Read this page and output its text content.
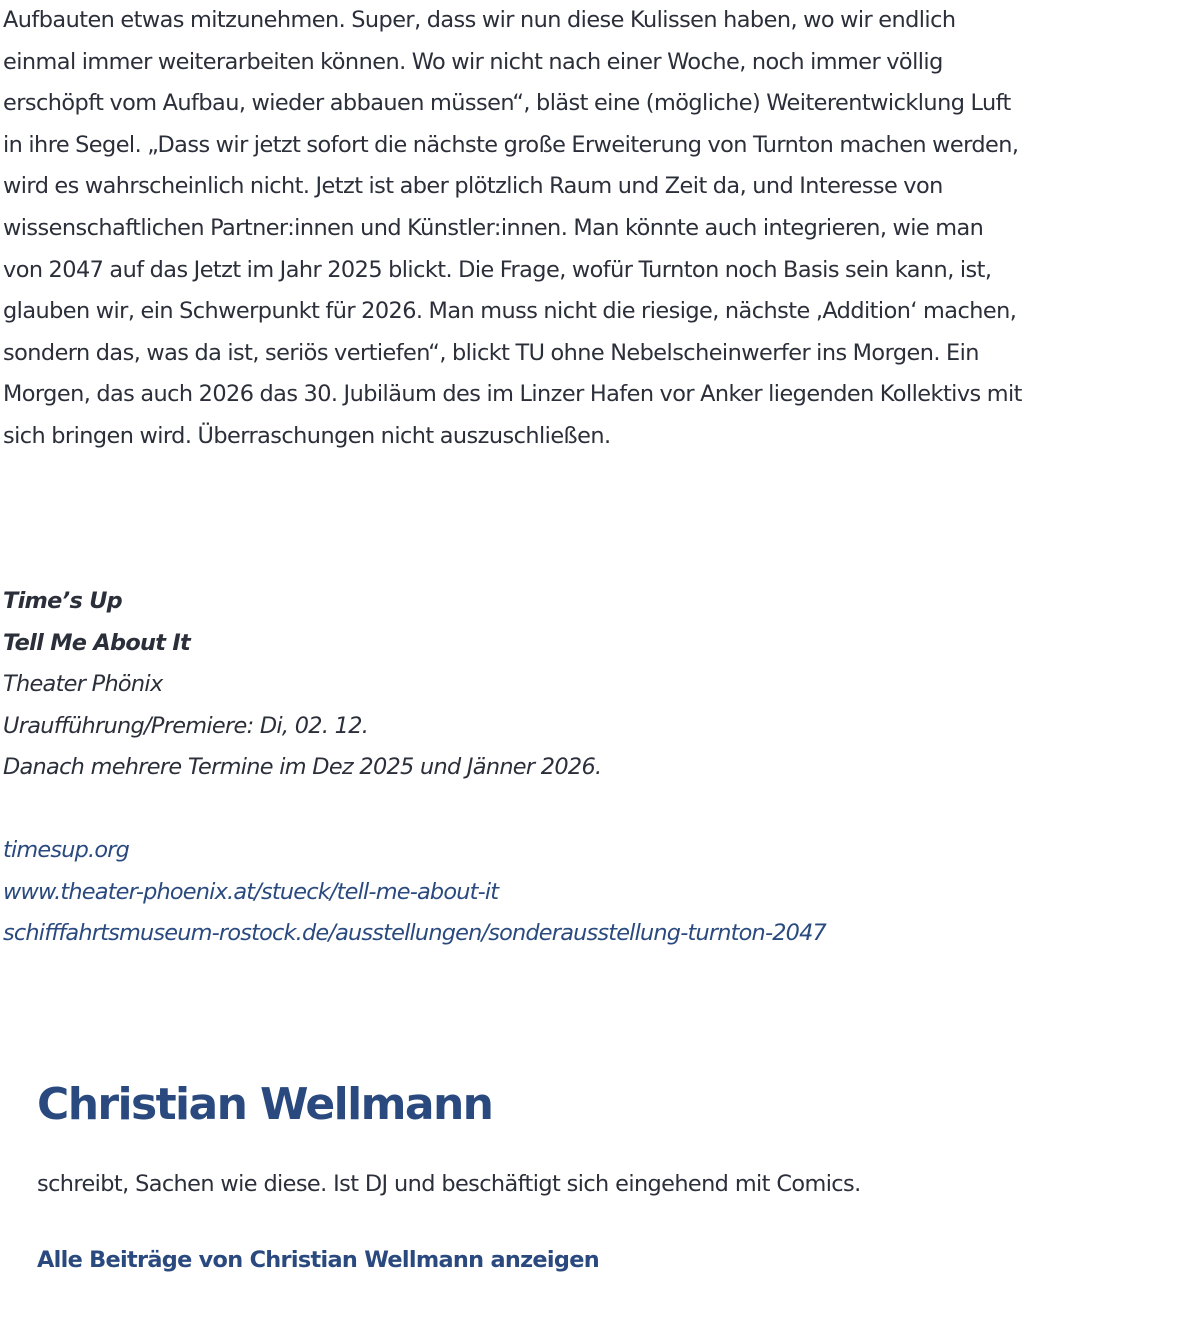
Aufbauten etwas mitzunehmen. Super, dass wir nun diese Kulissen haben, wo wir endlich
einmal immer weiterarbeiten können. Wo wir nicht nach einer Woche, noch immer völlig
erschöpft vom Aufbau, wieder abbauen müssen“, bläst eine (mögliche) Weiterentwicklung Luft
in ihre Segel. „Dass wir jetzt sofort die nächste große Erweiterung von Turnton machen werden,
wird es wahrscheinlich nicht. Jetzt ist aber plötzlich Raum und Zeit da, und Interesse von
wissenschaftlichen Partner:innen und Künstler:innen. Man könnte auch integrieren, wie man
von 2047 auf das Jetzt im Jahr 2025 blickt. Die Frage, wofür Turnton noch Basis sein kann, ist,
glauben wir, ein Schwerpunkt für 2026. Man muss nicht die riesige, nächste ‚Addition‘ machen,
sondern das, was da ist, seriös vertiefen“, blickt TU ohne Nebelscheinwerfer ins Morgen. Ein
Morgen, das auch 2026 das 30. Jubiläum des im Linzer Hafen vor Anker liegenden Kollektivs mit
sich bringen wird. Überraschungen nicht auszuschließen.

Time’s Up
Tell Me About It
Theater Phönix
Uraufführung/Premiere: Di, 02. 12.
Danach mehrere Termine im Dez 2025 und Jänner 2026.
timesup.org
www.theater-phoenix.at/stueck/tell-me-about-it
schifffahrtsmuseum-rostock.de/ausstellungen/sonderausstellung-turnton-2047
Christian Wellmann

schreibt, Sachen wie diese. Ist DJ und beschäftigt sich eingehend mit Comics.

Alle Beiträge von Christian Wellmann anzeigen
